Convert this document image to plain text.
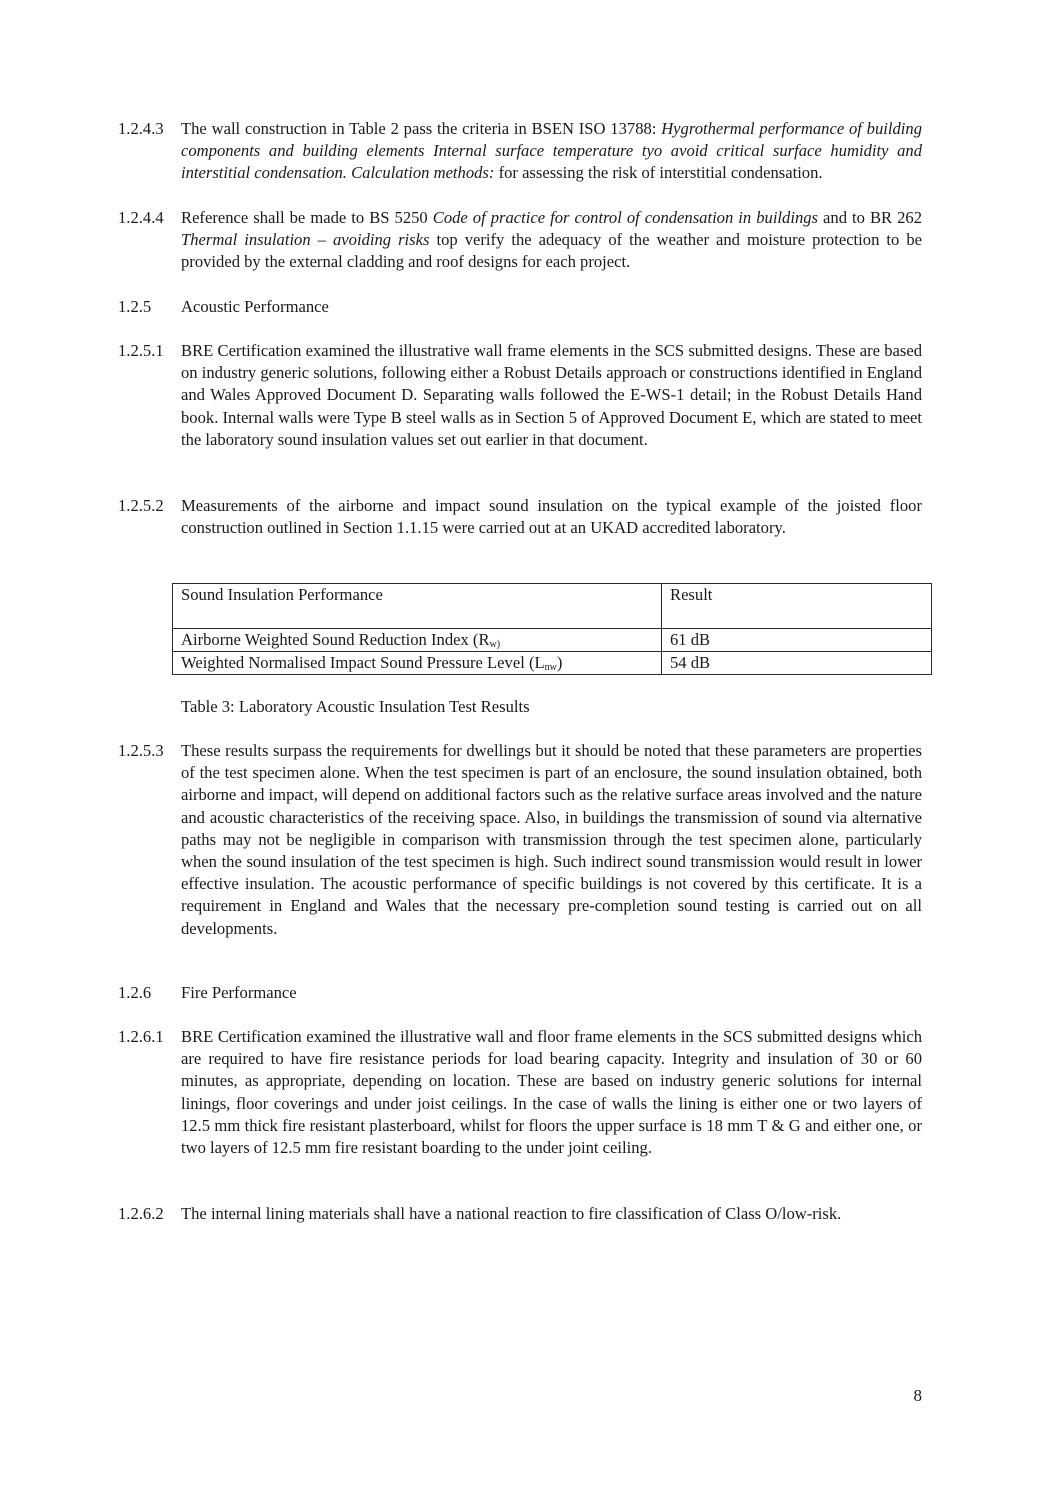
1.2.4.3	The wall construction in Table 2 pass the criteria in BSEN ISO 13788: Hygrothermal performance of building components and building elements Internal surface temperature tyo avoid critical surface humidity and interstitial condensation. Calculation methods: for assessing the risk of interstitial condensation.
1.2.4.4	Reference shall be made to BS 5250 Code of practice for control of condensation in buildings and to BR 262 Thermal insulation – avoiding risks top verify the adequacy of the weather and moisture protection to be provided by the external cladding and roof designs for each project.
1.2.5	Acoustic Performance
1.2.5.1	BRE Certification examined the illustrative wall frame elements in the SCS submitted designs. These are based on industry generic solutions, following either a Robust Details approach or constructions identified in England and Wales Approved Document D. Separating walls followed the E-WS-1 detail; in the Robust Details Hand book. Internal walls were Type B steel walls as in Section 5 of Approved Document E, which are stated to meet the laboratory sound insulation values set out earlier in that document.
1.2.5.2	Measurements of the airborne and impact sound insulation on the typical example of the joisted floor construction outlined in Section 1.1.15 were carried out at an UKAD accredited laboratory.
Sound Insulation Performance	Result
Airborne Weighted Sound Reduction Index ($R_{w)}$	61 dB
Weighted Normalised Impact Sound Pressure Level $(L_{nw})$	54 dB
Table 3: Laboratory Acoustic Insulation Test Results
1.2.5.3	These results surpass the requirements for dwellings but it should be noted that these parameters are properties of the test specimen alone. When the test specimen is part of an enclosure, the sound insulation obtained, both airborne and impact, will depend on additional factors such as the relative surface areas involved and the nature and acoustic characteristics of the receiving space. Also, in buildings the transmission of sound via alternative paths may not be negligible in comparison with transmission through the test specimen alone, particularly when the sound insulation of the test specimen is high. Such indirect sound transmission would result in lower effective insulation. The acoustic performance of specific buildings is not covered by this certificate. It is a requirement in England and Wales that the necessary pre-completion sound testing is carried out on all developments.
1.2.6	Fire Performance
1.2.6.1	BRE Certification examined the illustrative wall and floor frame elements in the SCS submitted designs which are required to have fire resistance periods for load bearing capacity. Integrity and insulation of 30 or 60 minutes, as appropriate, depending on location. These are based on industry generic solutions for internal linings, floor coverings and under joist ceilings. In the case of walls the lining is either one or two layers of 12.5 mm thick fire resistant plasterboard, whilst for floors the upper surface is 18 mm T & G and either one, or two layers of 12.5 mm fire resistant boarding to the under joint ceiling.
1.2.6.2	The internal lining materials shall have a national reaction to fire classification of Class O/low-risk.
8
